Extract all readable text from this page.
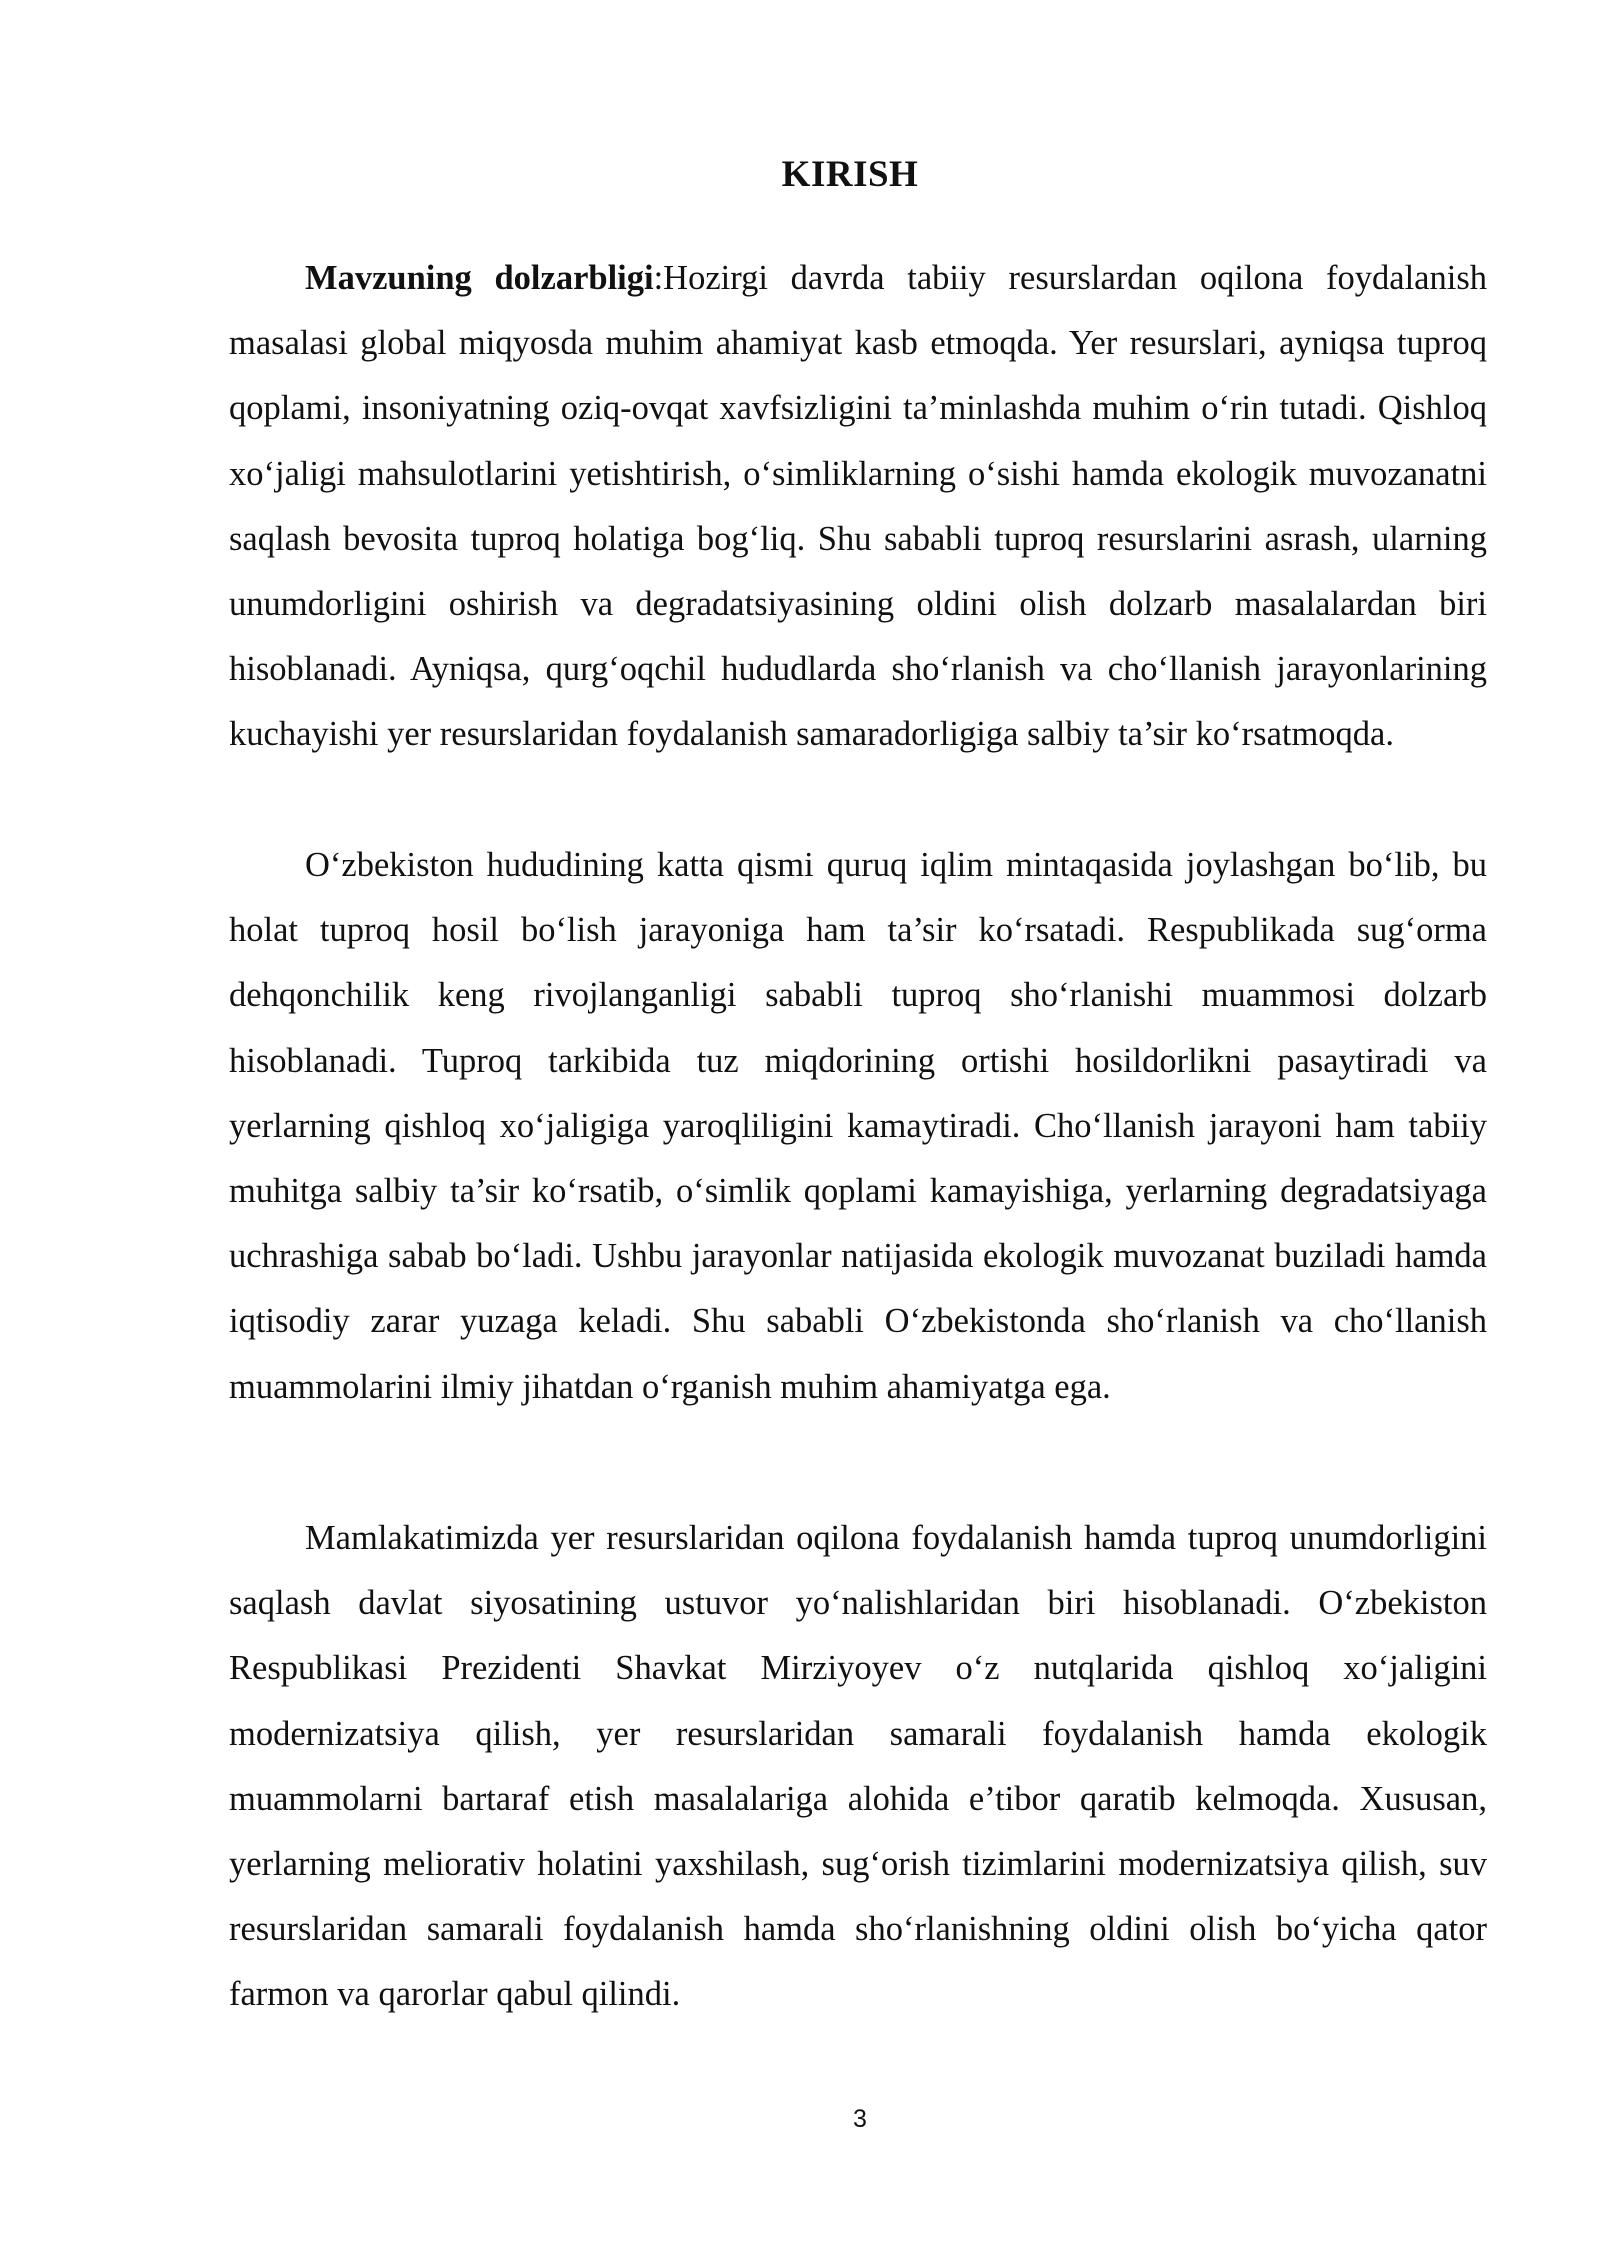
KIRISH

Mavzuning dolzarbligi:Hozirgi davrda tabiiy resurslardan oqilona foydalanish masalasi global miqyosda muhim ahamiyat kasb etmoqda. Yer resurslari, ayniqsa tuproq qoplami, insoniyatning oziq-ovqat xavfsizligini ta’minlashda muhim o‘rin tutadi. Qishloq xo‘jaligi mahsulotlarini yetishtirish, o‘simliklarning o‘sishi hamda ekologik muvozanatni saqlash bevosita tuproq holatiga bog‘liq. Shu sababli tuproq resurslarini asrash, ularning unumdorligini oshirish va degradatsiyasining oldini olish dolzarb masalalardan biri hisoblanadi. Ayniqsa, qurg‘oqchil hududlarda sho‘rlanish va cho‘llanish jarayonlarining kuchayishi yer resurslaridan foydalanish samaradorligiga salbiy ta’sir ko‘rsatmoqda.

O‘zbekiston hududining katta qismi quruq iqlim mintaqasida joylashgan bo‘lib, bu holat tuproq hosil bo‘lish jarayoniga ham ta’sir ko‘rsatadi. Respublikada sug‘orma dehqonchilik keng rivojlanganligi sababli tuproq sho‘rlanishi muammosi dolzarb hisoblanadi. Tuproq tarkibida tuz miqdorining ortishi hosildorlikni pasaytiradi va yerlarning qishloq xo‘jaligiga yaroqliligini kamaytiradi. Cho‘llanish jarayoni ham tabiiy muhitga salbiy ta’sir ko‘rsatib, o‘simlik qoplami kamayishiga, yerlarning degradatsiyaga uchrashiga sabab bo‘ladi. Ushbu jarayonlar natijasida ekologik muvozanat buziladi hamda iqtisodiy zarar yuzaga keladi. Shu sababli O‘zbekistonda sho‘rlanish va cho‘llanish muammolarini ilmiy jihatdan o‘rganish muhim ahamiyatga ega.

Mamlakatimizda yer resurslaridan oqilona foydalanish hamda tuproq unumdorligini saqlash davlat siyosatining ustuvor yo‘nalishlaridan biri hisoblanadi. O‘zbekiston Respublikasi Prezidenti Shavkat Mirziyoyev o‘z nutqlarida qishloq xo‘jaligini modernizatsiya qilish, yer resurslaridan samarali foydalanish hamda ekologik muammolarni bartaraf etish masalalariga alohida e’tibor qaratib kelmoqda. Xususan, yerlarning meliorativ holatini yaxshilash, sug‘orish tizimlarini modernizatsiya qilish, suv resurslaridan samarali foydalanish hamda sho‘rlanishning oldini olish bo‘yicha qator farmon va qarorlar qabul qilindi.

3
